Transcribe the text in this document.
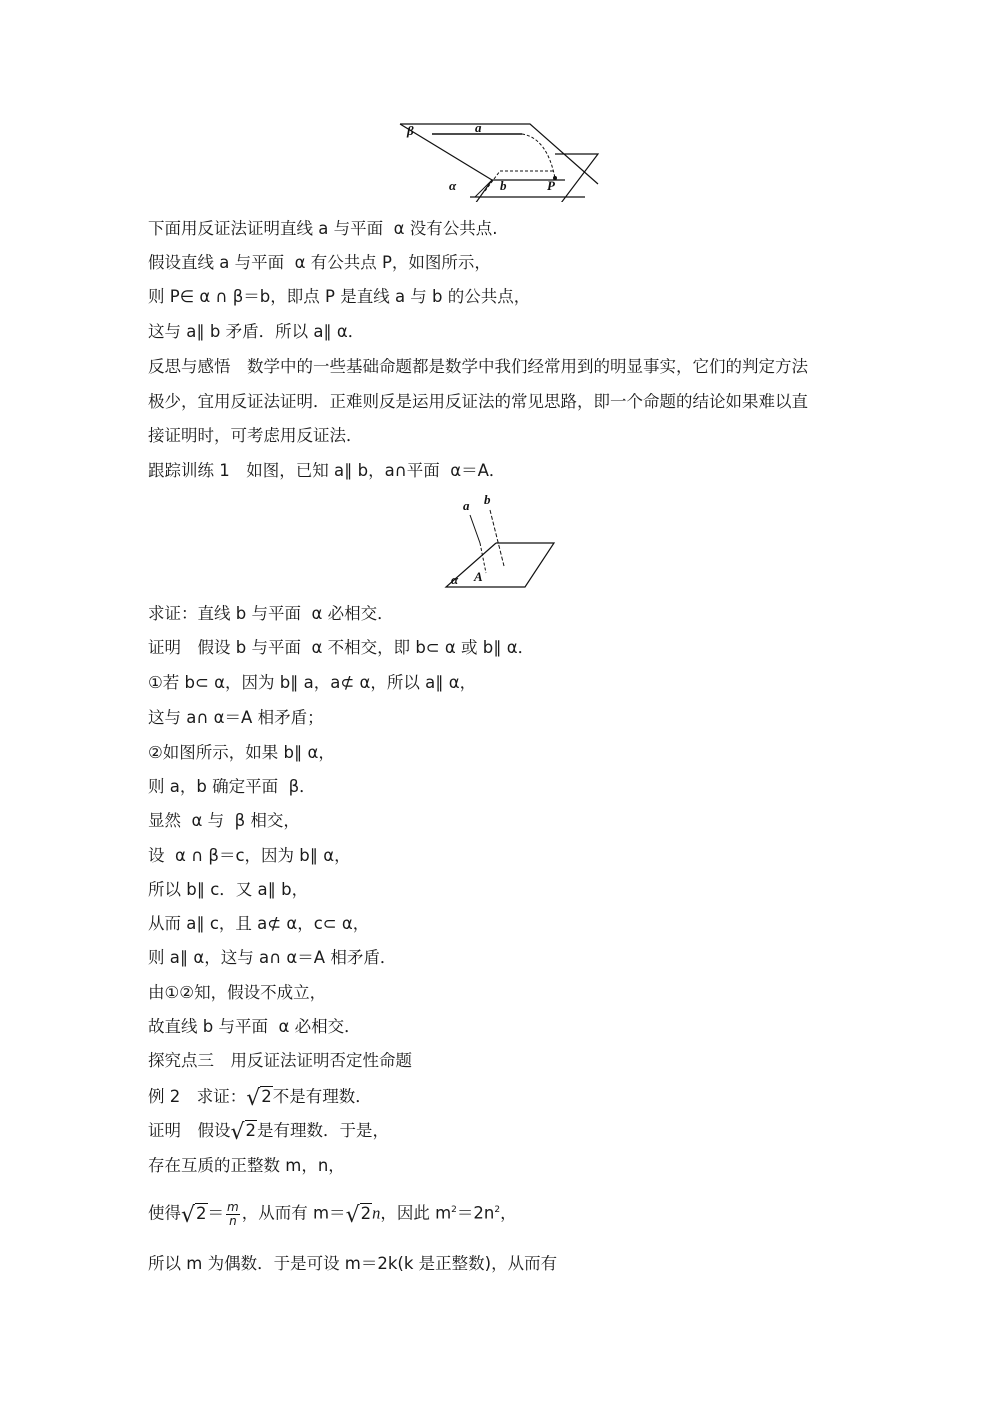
β	a
α	b	P
a b
α A
下面用反证法证明直线 a 与平面  α 没有公共点.
假设直线 a 与平面  α 有公共点 P，如图所示，
则 P∈ α ∩ β＝b，即点 P 是直线 a 与 b 的公共点，
这与 a∥ b 矛盾．所以 a∥ α．
反思与感悟　数学中的一些基础命题都是数学中我们经常用到的明显事实，它们的判定方法
极少，宜用反证法证明．正难则反是运用反证法的常见思路，即一个命题的结论如果难以直
接证明时，可考虑用反证法．
跟踪训练 1　如图，已知 a∥ b，a∩平面  α＝A．
求证：直线 b 与平面  α 必相交．
证明　假设 b 与平面  α 不相交，即 b⊂ α 或 b∥ α．
①若 b⊂ α，因为 b∥ a，a⊄ α，所以 a∥ α，
这与 a∩ α＝A 相矛盾；
②如图所示，如果 b∥ α，
则 a，b 确定平面  β．
显然  α 与  β 相交，
设  α ∩ β＝c，因为 b∥ α，
所以 b∥ c．又 a∥ b，
从而 a∥ c，且 a⊄ α，c⊂ α，
则 a∥ α，这与 a∩ α＝A 相矛盾．
由①②知，假设不成立，
故直线 b 与平面  α 必相交．
探究点三　用反证法证明否定性命题
例 2　求证：√2不是有理数．
证明　假设√2是有理数．于是，
存在互质的正整数 m，n，
使得$√2= \frac{m}{n}$ ，从而有 m＝√2n，因此 $m^2=2n^2$，
所以 m 为偶数．于是可设 m＝2k(k 是正整数)，从而有
